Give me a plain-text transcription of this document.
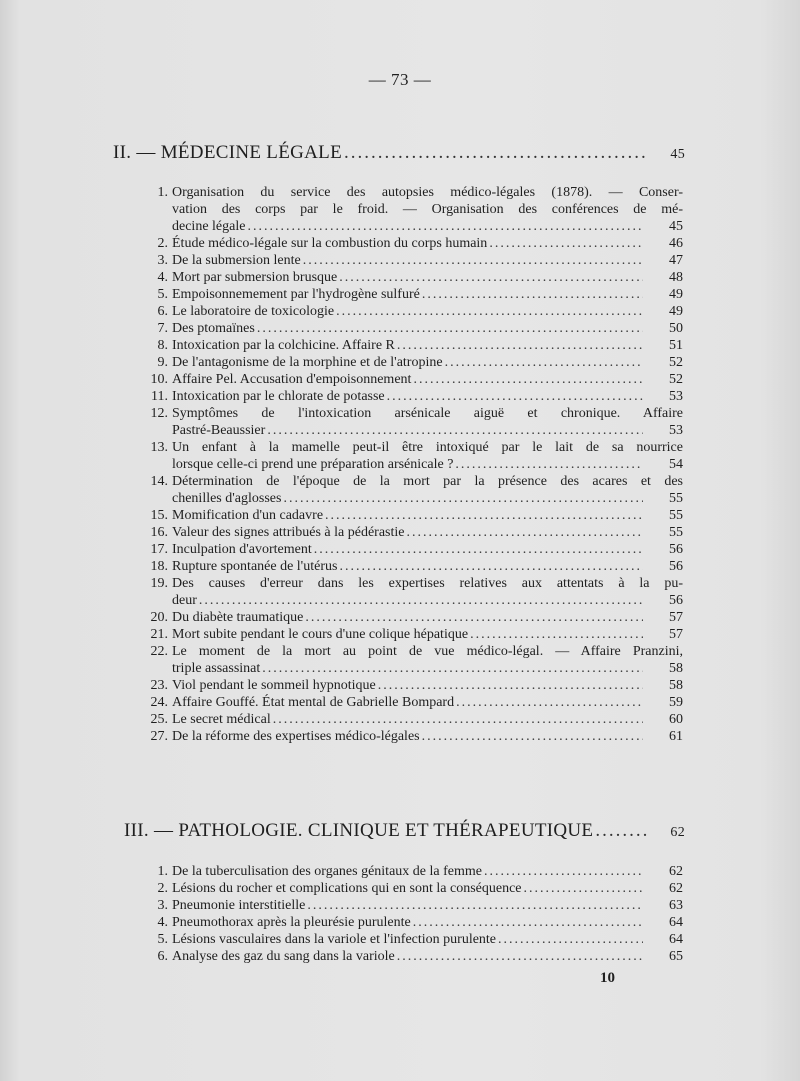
— 73 —
II. — MÉDECINE LÉGALE .....	45
1. Organisation du service des autopsies médico-légales (1878). — Conser-
vation des corps par le froid. — Organisation des conférences de mé-
decine légale .....	45
2. Étude médico-légale sur la combustion du corps humain .....	46
3. De la submersion lente .....	47
4. Mort par submersion brusque .....	48
5. Empoisonnemement par l'hydrogène sulfuré .....	49
6. Le laboratoire de toxicologie .....	49
7. Des ptomaïnes .....	50
8. Intoxication par la colchicine. Affaire R .....	51
9. De l'antagonisme de la morphine et de l'atropine .....	52
10. Affaire Pel. Accusation d'empoisonnement .....	52
11. Intoxication par le chlorate de potasse .....	53
12. Symptômes de l'intoxication arsénicale aiguë et chronique. Affaire
Pastré-Beaussier .....	53
13. Un enfant à la mamelle peut-il être intoxiqué par le lait de sa nourrice
lorsque celle-ci prend une préparation arsénicale ? .....	54
14. Détermination de l'époque de la mort par la présence des acares et des
chenilles d'aglosses .....	55
15. Momification d'un cadavre .....	55
16. Valeur des signes attribués à la pédérastie .....	55
17. Inculpation d'avortement .....	56
18. Rupture spontanée de l'utérus .....	56
19. Des causes d'erreur dans les expertises relatives aux attentats à la pu-
deur .....	56
20. Du diabète traumatique .....	57
21. Mort subite pendant le cours d'une colique hépatique .....	57
22. Le moment de la mort au point de vue médico-légal. — Affaire Pranzini,
triple assassinat .....	58
23. Viol pendant le sommeil hypnotique .....	58
24. Affaire Gouffé. État mental de Gabrielle Bompard .....	59
25. Le secret médical .....	60
27. De la réforme des expertises médico-légales .....	61
III. — PATHOLOGIE. CLINIQUE ET THÉRAPEUTIQUE .....	62
1. De la tuberculisation des organes génitaux de la femme .....	62
2. Lésions du rocher et complications qui en sont la conséquence .....	62
3. Pneumonie interstitielle .....	63
4. Pneumothorax après la pleurésie purulente .....	64
5. Lésions vasculaires dans la variole et l'infection purulente .....	64
6. Analyse des gaz du sang dans la variole .....	65
10
